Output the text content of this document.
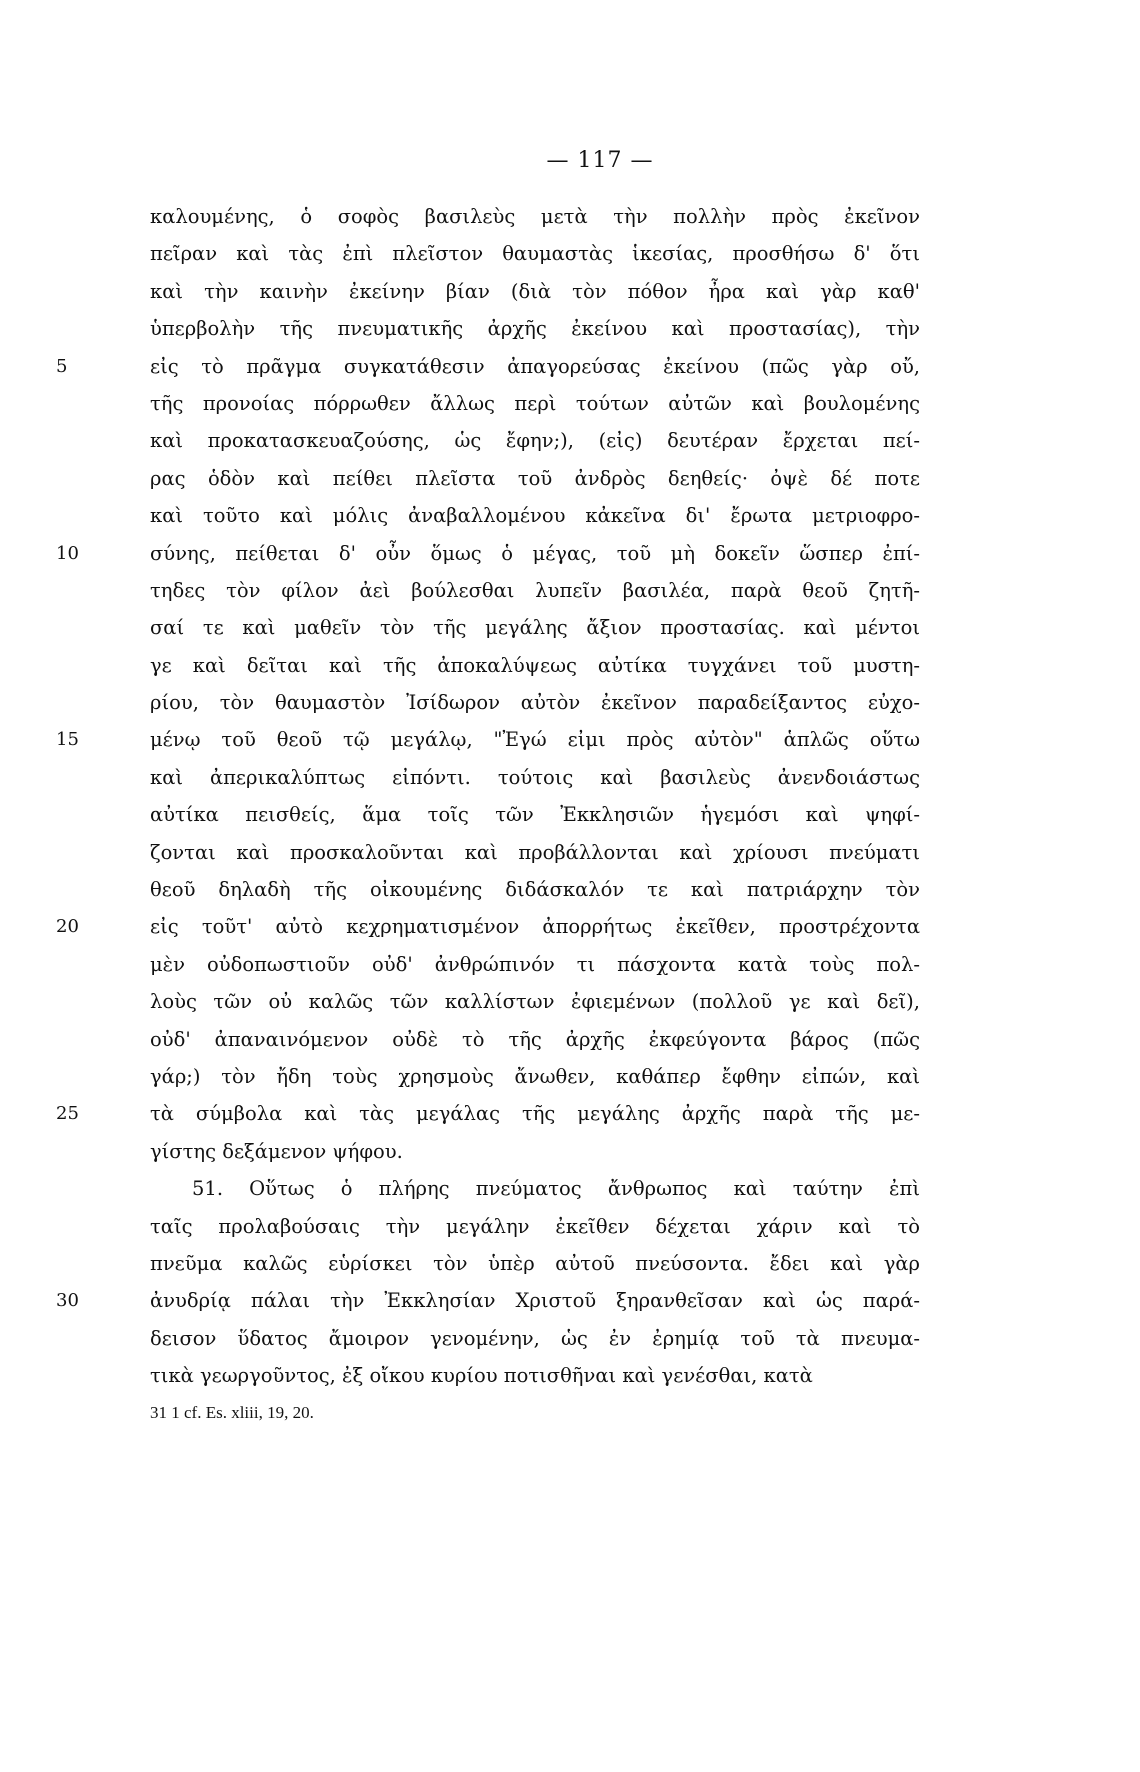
— 117 —
καλουμένης, ὁ σοφὸς βασιλεὺς μετὰ τὴν πολλὴν πρὸς ἐκεῖνον
πεῖραν καὶ τὰς ἐπὶ πλεῖστον θαυμαστὰς ἱκεσίας, προσθήσω δ' ὅτι
καὶ τὴν καινὴν ἐκείνην βίαν (διὰ τὸν πόθον ἦρα καὶ γὰρ καθ'
ὑπερβολὴν τῆς πνευματικῆς ἀρχῆς ἐκείνου καὶ προστασίας), τὴν
εἰς τὸ πρᾶγμα συγκατάθεσιν ἀπαγορεύσας ἐκείνου (πῶς γὰρ οὔ,
5
τῆς προνοίας πόρρωθεν ἄλλως περὶ τούτων αὐτῶν καὶ βουλομένης
καὶ προκατασκευαζούσης, ὡς ἔφην;), (εἰς) δευτέραν ἔρχεται πεί-
ρας ὁδὸν καὶ πείθει πλεῖστα τοῦ ἀνδρὸς δεηθείς· ὀψὲ δέ ποτε
καὶ τοῦτο καὶ μόλις ἀναβαλλομένου κἀκεῖνα δι' ἔρωτα μετριοφρο-
σύνης, πείθεται δ' οὖν ὅμως ὁ μέγας, τοῦ μὴ δοκεῖν ὥσπερ ἐπί-
10
τηδες τὸν φίλον ἀεὶ βούλεσθαι λυπεῖν βασιλέα, παρὰ θεοῦ ζητῆ-
σαί τε καὶ μαθεῖν τὸν τῆς μεγάλης ἄξιον προστασίας. καὶ μέντοι
γε καὶ δεῖται καὶ τῆς ἀποκαλύψεως αὐτίκα τυγχάνει τοῦ μυστη-
ρίου, τὸν θαυμαστὸν Ἰσίδωρον αὐτὸν ἐκεῖνον παραδείξαντος εὐχο-
μένῳ τοῦ θεοῦ τῷ μεγάλῳ, "Ἐγώ εἰμι πρὸς αὐτὸν" ἁπλῶς οὕτω
15
καὶ ἀπερικαλύπτως εἰπόντι. τούτοις καὶ βασιλεὺς ἀνενδοιάστως
αὐτίκα πεισθείς, ἅμα τοῖς τῶν Ἐκκλησιῶν ἡγεμόσι καὶ ψηφί-
ζονται καὶ προσκαλοῦνται καὶ προβάλλονται καὶ χρίουσι πνεύματι
θεοῦ δηλαδὴ τῆς οἰκουμένης διδάσκαλόν τε καὶ πατριάρχην τὸν
εἰς τοῦτ' αὐτὸ κεχρηματισμένον ἀπορρήτως ἐκεῖθεν, προστρέχοντα
20
μὲν οὐδοπωστιοῦν οὐδ' ἀνθρώπινόν τι πάσχοντα κατὰ τοὺς πολ-
λοὺς τῶν οὐ καλῶς τῶν καλλίστων ἐφιεμένων (πολλοῦ γε καὶ δεῖ),
οὐδ' ἀπαναινόμενον οὐδὲ τὸ τῆς ἀρχῆς ἐκφεύγοντα βάρος (πῶς
γάρ;) τὸν ἤδη τοὺς χρησμοὺς ἄνωθεν, καθάπερ ἔφθην εἰπών, καὶ
τὰ σύμβολα καὶ τὰς μεγάλας τῆς μεγάλης ἀρχῆς παρὰ τῆς με-
25
γίστης δεξάμενον ψήφου.
51. Οὕτως ὁ πλήρης πνεύματος ἄνθρωπος καὶ ταύτην ἐπὶ
ταῖς προλαβούσαις τὴν μεγάλην ἐκεῖθεν δέχεται χάριν καὶ τὸ
πνεῦμα καλῶς εὑρίσκει τὸν ὑπὲρ αὐτοῦ πνεύσοντα. ἔδει καὶ γὰρ
ἀνυδρίᾳ πάλαι τὴν Ἐκκλησίαν Χριστοῦ ξηρανθεῖσαν καὶ ὡς παρά-
30
δεισον ὕδατος ἄμοιρον γενομένην, ὡς ἐν ἐρημίᾳ τοῦ τὰ πνευμα-
τικὰ γεωργοῦντος, ἐξ οἴκου κυρίου ποτισθῆναι καὶ γενέσθαι, κατὰ
31 1 cf. Es. xliii, 19, 20.
